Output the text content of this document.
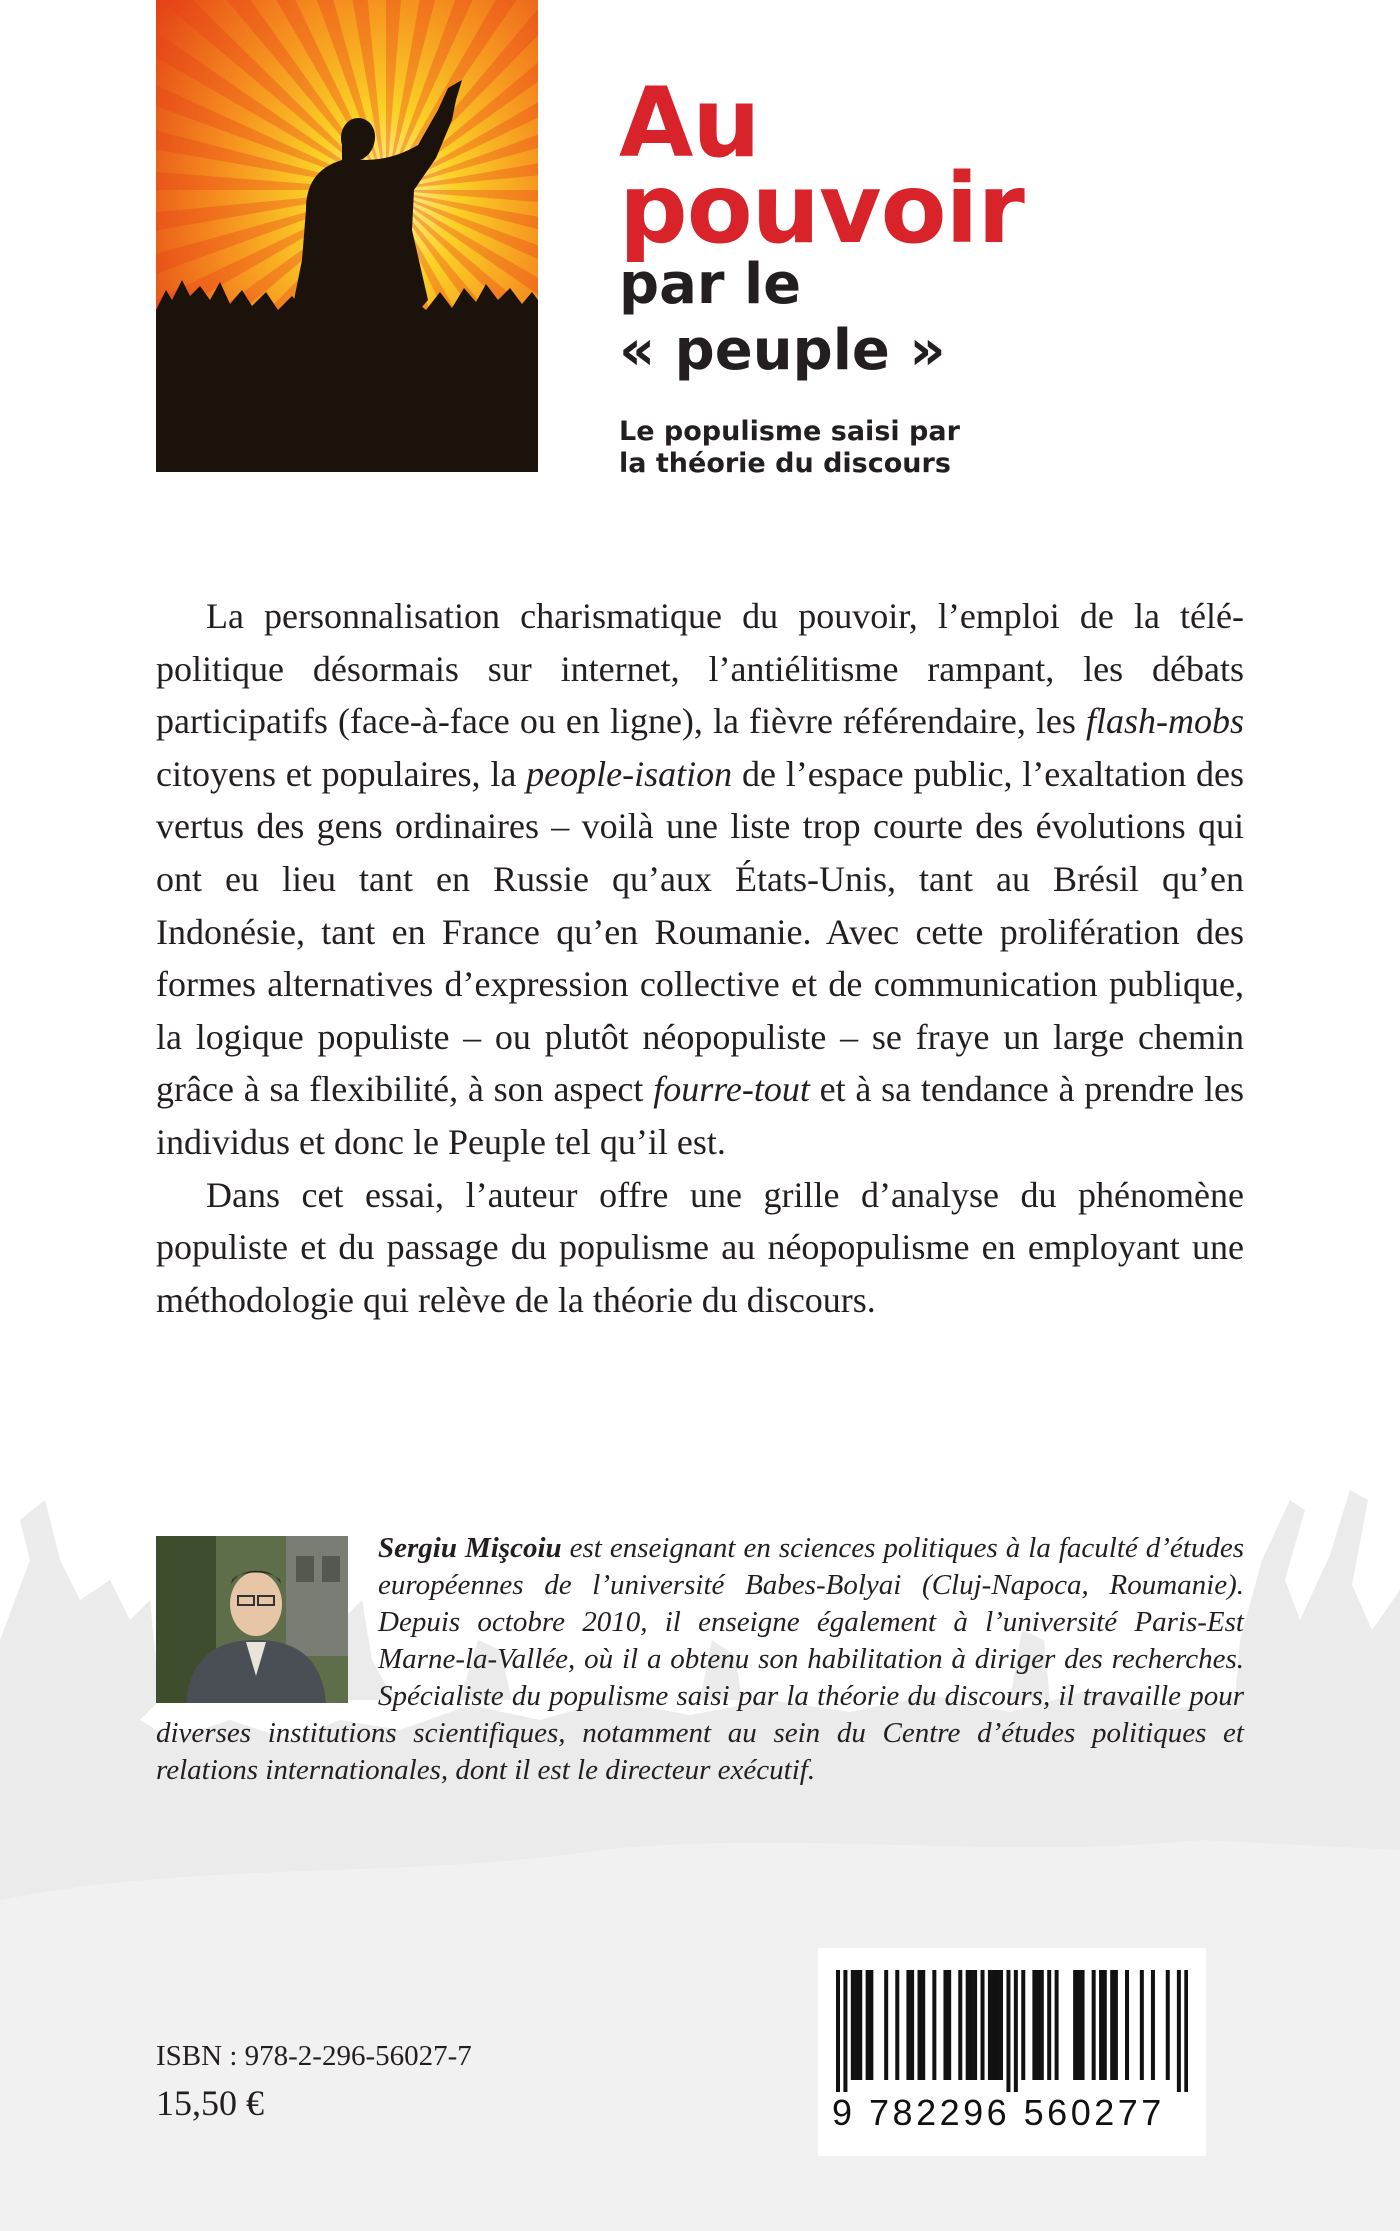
Au
pouvoir
par le
« peuple »
Le populisme saisi par
la théorie du discours

La personnalisation charismatique du pouvoir, l’emploi de la télé-politique désormais sur internet, l’antiélitisme rampant, les débats participatifs (face-à-face ou en ligne), la fièvre référendaire, les flash-mobs citoyens et populaires, la people-isation de l’espace public, l’exaltation des vertus des gens ordinaires – voilà une liste trop courte des évolutions qui ont eu lieu tant en Russie qu’aux États-Unis, tant au Brésil qu’en Indonésie, tant en France qu’en Roumanie. Avec cette prolifération des formes alternatives d’expression collective et de communication publique, la logique populiste – ou plutôt néopopuliste – se fraye un large chemin grâce à sa flexibilité, à son aspect fourre-tout et à sa tendance à prendre les individus et donc le Peuple tel qu’il est.

Dans cet essai, l’auteur offre une grille d’analyse du phénomène populiste et du passage du populisme au néopopulisme en employant une méthodologie qui relève de la théorie du discours.

Sergiu Mişcoiu est enseignant en sciences politiques à la faculté d’études européennes de l’université Babes-Bolyai (Cluj-Napoca, Roumanie). Depuis octobre 2010, il enseigne également à l’université Paris-Est Marne-la-Vallée, où il a obtenu son habilitation à diriger des recherches. Spécialiste du populisme saisi par la théorie du discours, il travaille pour diverses institutions scientifiques, notamment au sein du Centre d’études politiques et relations internationales, dont il est le directeur exécutif.
ISBN : 978-2-296-56027-7
15,50 €	9 782296 560277
